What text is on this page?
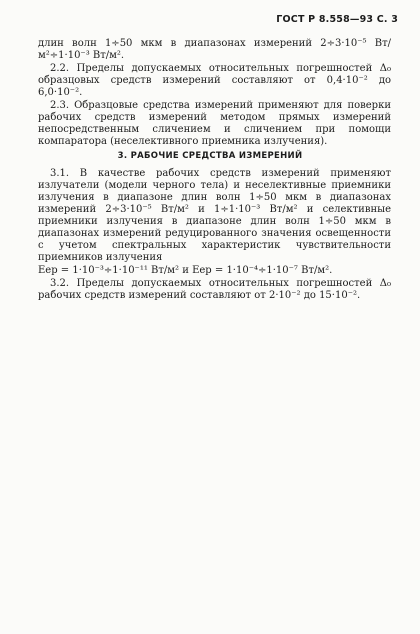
ГОСТ Р 8.558—93 С. 3

длин волн 1÷50 мкм в диапазонах измерений 2÷3·10⁻⁵ Вт/м²÷1·10⁻³ Вт/м².

2.2. Пределы допускаемых относительных погрешностей Δ₀ образцовых средств измерений составляют от 0,4·10⁻² до 6,0·10⁻².

2.3. Образцовые средства измерений применяют для поверки рабочих средств измерений методом прямых измерений непосредственным сличением и сличением при помощи компаратора (неселективного приемника излучения).

3. РАБОЧИЕ СРЕДСТВА ИЗМЕРЕНИЙ

3.1. В качестве рабочих средств измерений применяют излучатели (модели черного тела) и неселективные приемники излучения в диапазоне длин волн 1÷50 мкм в диапазонах измерений 2÷3·10⁻⁵ Вт/м² и 1÷1·10⁻³ Вт/м² и селективные приемники излучения в диапазоне длин волн 1÷50 мкм в диапазонах измерений редуцированного значения освещенности с учетом спектральных характеристик чувствительности приемников излучения

Eер = 1·10⁻³÷1·10⁻¹¹ Вт/м² и Eер = 1·10⁻⁴÷1·10⁻⁷ Вт/м².

3.2. Пределы допускаемых относительных погрешностей Δ₀ рабочих средств измерений составляют от 2·10⁻² до 15·10⁻².
